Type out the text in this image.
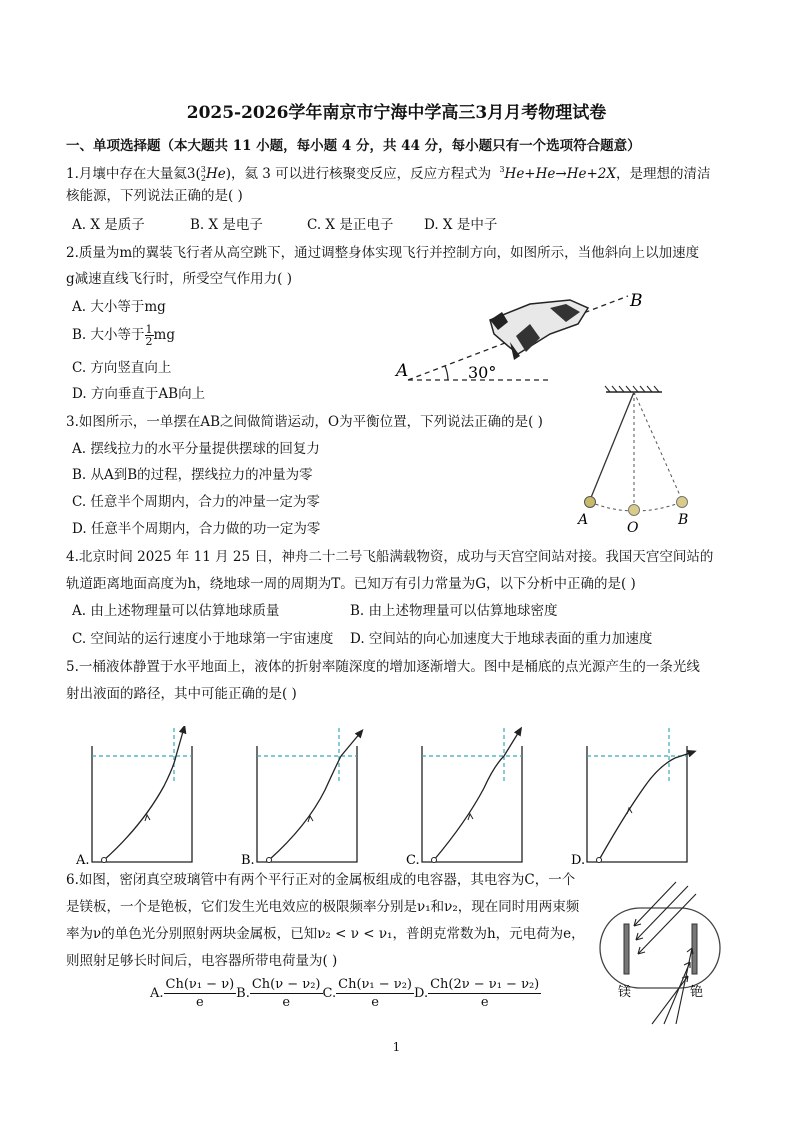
2025-2026学年南京市宁海中学高三3月月考物理试卷
一、单项选择题（本大题共 11 小题，每小题 4 分，共 44 分，每小题只有一个选项符合题意）
1.月壤中存在大量氦3($^3_2$He)，氦 3 可以进行核聚变反应，反应方程式为 $^3$He+He→He+2X，是理想的清洁
核能源，下列说法正确的是( )
A. X 是质子	B. X 是电子	C. X 是正电子 D. X 是中子
2.质量为m的翼装飞行者从高空跳下，通过调整身体实现飞行并控制方向，如图所示，当他斜向上以加速度
g减速直线飞行时，所受空气作用力( )
A. 大小等于mg
B. 大小等于 $\frac{1}{2}$ mg
C. 方向竖直向上
D. 方向垂直于AB向上
A
B
30°
3.如图所示，一单摆在AB之间做简谐运动，O为平衡位置，下列说法正确的是( )
A. 摆线拉力的水平分量提供摆球的回复力
B. 从A到B的过程，摆线拉力的冲量为零
C. 任意半个周期内，合力的冲量一定为零
D. 任意半个周期内，合力做的功一定为零
A	O	B
4.北京时间 2025 年 11 月 25 日，神舟二十二号飞船满载物资，成功与天宫空间站对接。我国天宫空间站的
轨道距离地面高度为h，绕地球一周的周期为T。已知万有引力常量为G，以下分析中正确的是( )
A. 由上述物理量可以估算地球质量	B. 由上述物理量可以估算地球密度
C. 空间站的运行速度小于地球第一宇宙速度 D. 空间站的向心加速度大于地球表面的重力加速度
5.一桶液体静置于水平地面上，液体的折射率随深度的增加逐渐增大。图中是桶底的点光源产生的一条光线
射出液面的路径，其中可能正确的是( )
A.	B.	C.	D.
6.如图，密闭真空玻璃管中有两个平行正对的金属板组成的电容器，其电容为C，一个
是镁板，一个是铯板，它们发生光电效应的极限频率分别是ν₁和ν₂，现在同时用两束频
率为ν的单色光分别照射两块金属板，已知ν₂ < ν < ν₁，普朗克常数为h，元电荷为e，
则照射足够长时间后，电容器所带电荷量为( )
A. $\frac{\text{Ch(ν₁ − ν)}}{e} B$. $\frac{\text{Ch(ν − ν₂)}}{e} C$. $\frac{\text{Ch(ν₁ − ν₂)}}{e} D$. $\frac{\text{Ch(2ν − ν₁ − ν₂)}}{e}$	镁	铯
1
